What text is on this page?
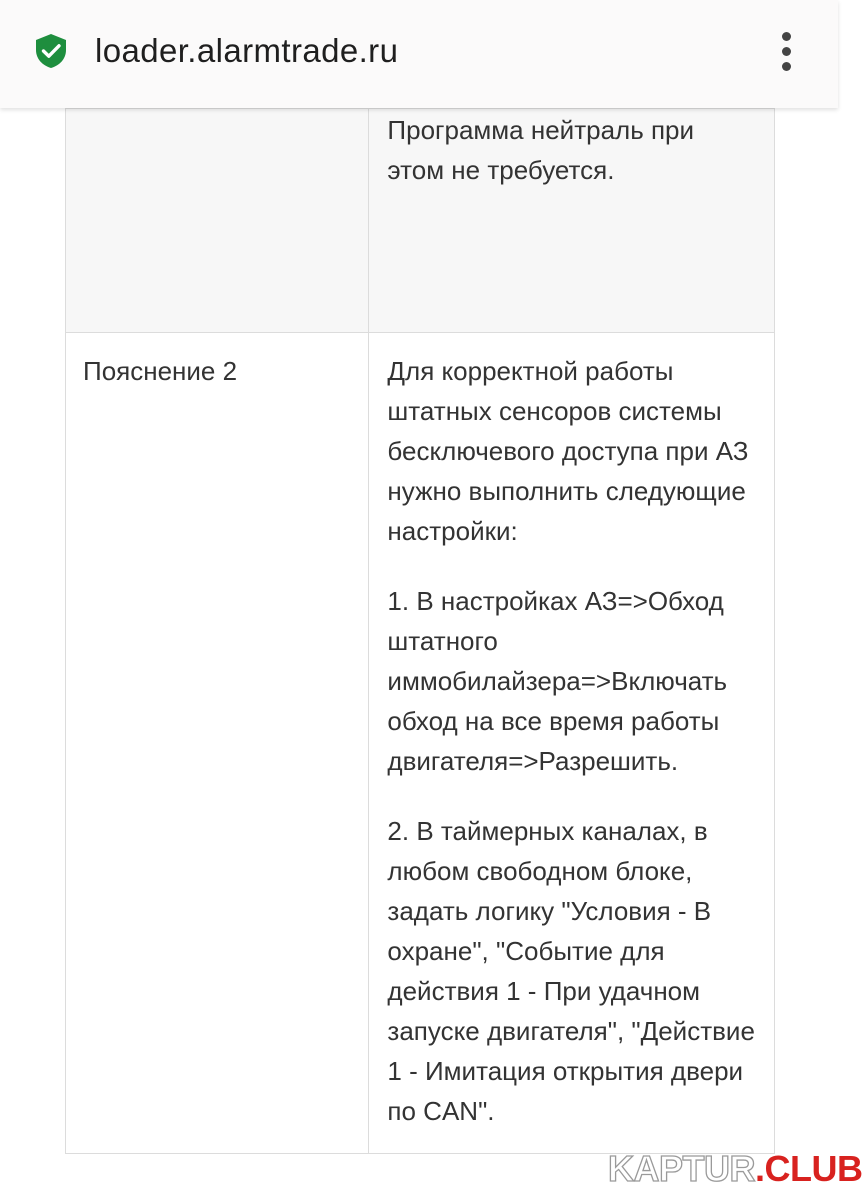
loader.alarmtrade.ru
	Программа нейтраль при этом не требуется.
Пояснение 2	Для корректной работы штатных сенсоров системы бесключевого доступа при АЗ нужно выполнить следующие настройки:

1. В настройках АЗ=>Обход штатного иммобилайзера=>Включать обход на все время работы двигателя=>Разрешить.

2. В таймерных каналах, в любом свободном блоке, задать логику "Условия - В охране", "Событие для действия 1 - При удачном запуске двигателя", "Действие 1 - Имитация открытия двери по CAN".

KAPTUR.CLUB
